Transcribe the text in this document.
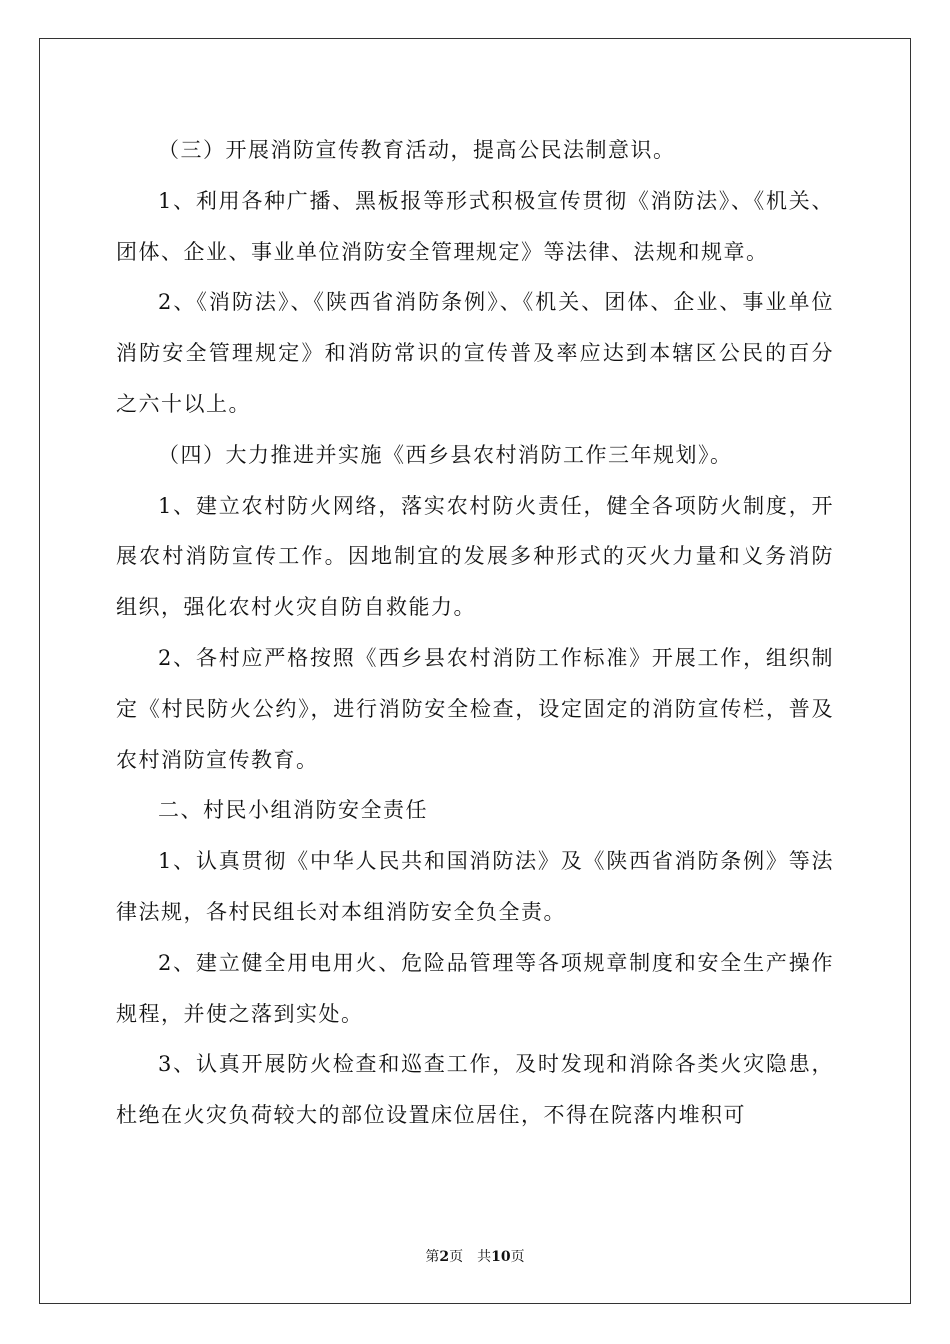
（三）开展消防宣传教育活动，提高公民法制意识。

1、利用各种广播、黑板报等形式积极宣传贯彻《消防法》、《机关、团体、企业、事业单位消防安全管理规定》等法律、法规和规章。

2、《消防法》、《陕西省消防条例》、《机关、团体、企业、事业单位消防安全管理规定》和消防常识的宣传普及率应达到本辖区公民的百分之六十以上。

（四）大力推进并实施《西乡县农村消防工作三年规划》。

1、建立农村防火网络，落实农村防火责任，健全各项防火制度，开展农村消防宣传工作。因地制宜的发展多种形式的灭火力量和义务消防组织，强化农村火灾自防自救能力。

2、各村应严格按照《西乡县农村消防工作标准》开展工作，组织制定《村民防火公约》，进行消防安全检查，设定固定的消防宣传栏，普及农村消防宣传教育。

二、村民小组消防安全责任

1、认真贯彻《中华人民共和国消防法》及《陕西省消防条例》等法律法规，各村民组长对本组消防安全负全责。

2、建立健全用电用火、危险品管理等各项规章制度和安全生产操作规程，并使之落到实处。

3、认真开展防火检查和巡查工作，及时发现和消除各类火灾隐患，杜绝在火灾负荷较大的部位设置床位居住，不得在院落内堆积可

第2页　共10页
